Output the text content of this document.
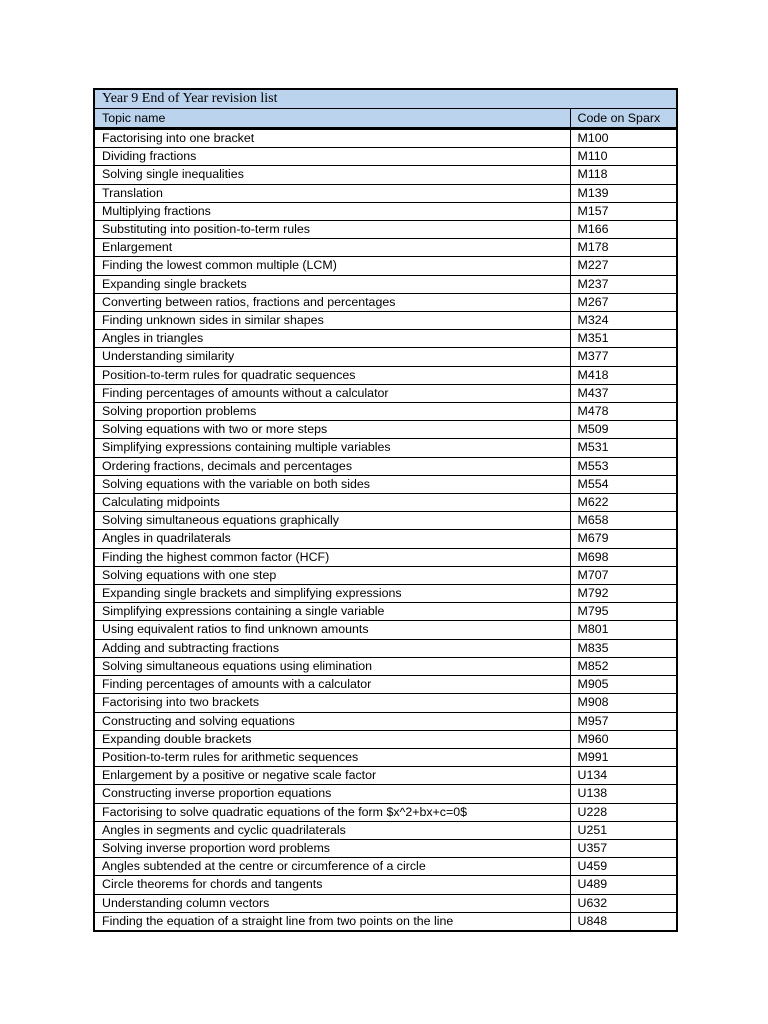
Year 9 End of Year revision list	
Topic name	Code on Sparx
Factorising into one bracket	M100
Dividing fractions	M110
Solving single inequalities	M118
Translation	M139
Multiplying fractions	M157
Substituting into position-to-term rules	M166
Enlargement	M178
Finding the lowest common multiple (LCM)	M227
Expanding single brackets	M237
Converting between ratios, fractions and percentages	M267
Finding unknown sides in similar shapes	M324
Angles in triangles	M351
Understanding similarity	M377
Position-to-term rules for quadratic sequences	M418
Finding percentages of amounts without a calculator	M437
Solving proportion problems	M478
Solving equations with two or more steps	M509
Simplifying expressions containing multiple variables	M531
Ordering fractions, decimals and percentages	M553
Solving equations with the variable on both sides	M554
Calculating midpoints	M622
Solving simultaneous equations graphically	M658
Angles in quadrilaterals	M679
Finding the highest common factor (HCF)	M698
Solving equations with one step	M707
Expanding single brackets and simplifying expressions	M792
Simplifying expressions containing a single variable	M795
Using equivalent ratios to find unknown amounts	M801
Adding and subtracting fractions	M835
Solving simultaneous equations using elimination	M852
Finding percentages of amounts with a calculator	M905
Factorising into two brackets	M908
Constructing and solving equations	M957
Expanding double brackets	M960
Position-to-term rules for arithmetic sequences	M991
Enlargement by a positive or negative scale factor	U134
Constructing inverse proportion equations	U138
Factorising to solve quadratic equations of the form $x^2+bx+c=0$	U228
Angles in segments and cyclic quadrilaterals	U251
Solving inverse proportion word problems	U357
Angles subtended at the centre or circumference of a circle	U459
Circle theorems for chords and tangents	U489
Understanding column vectors	U632
Finding the equation of a straight line from two points on the line	U848
